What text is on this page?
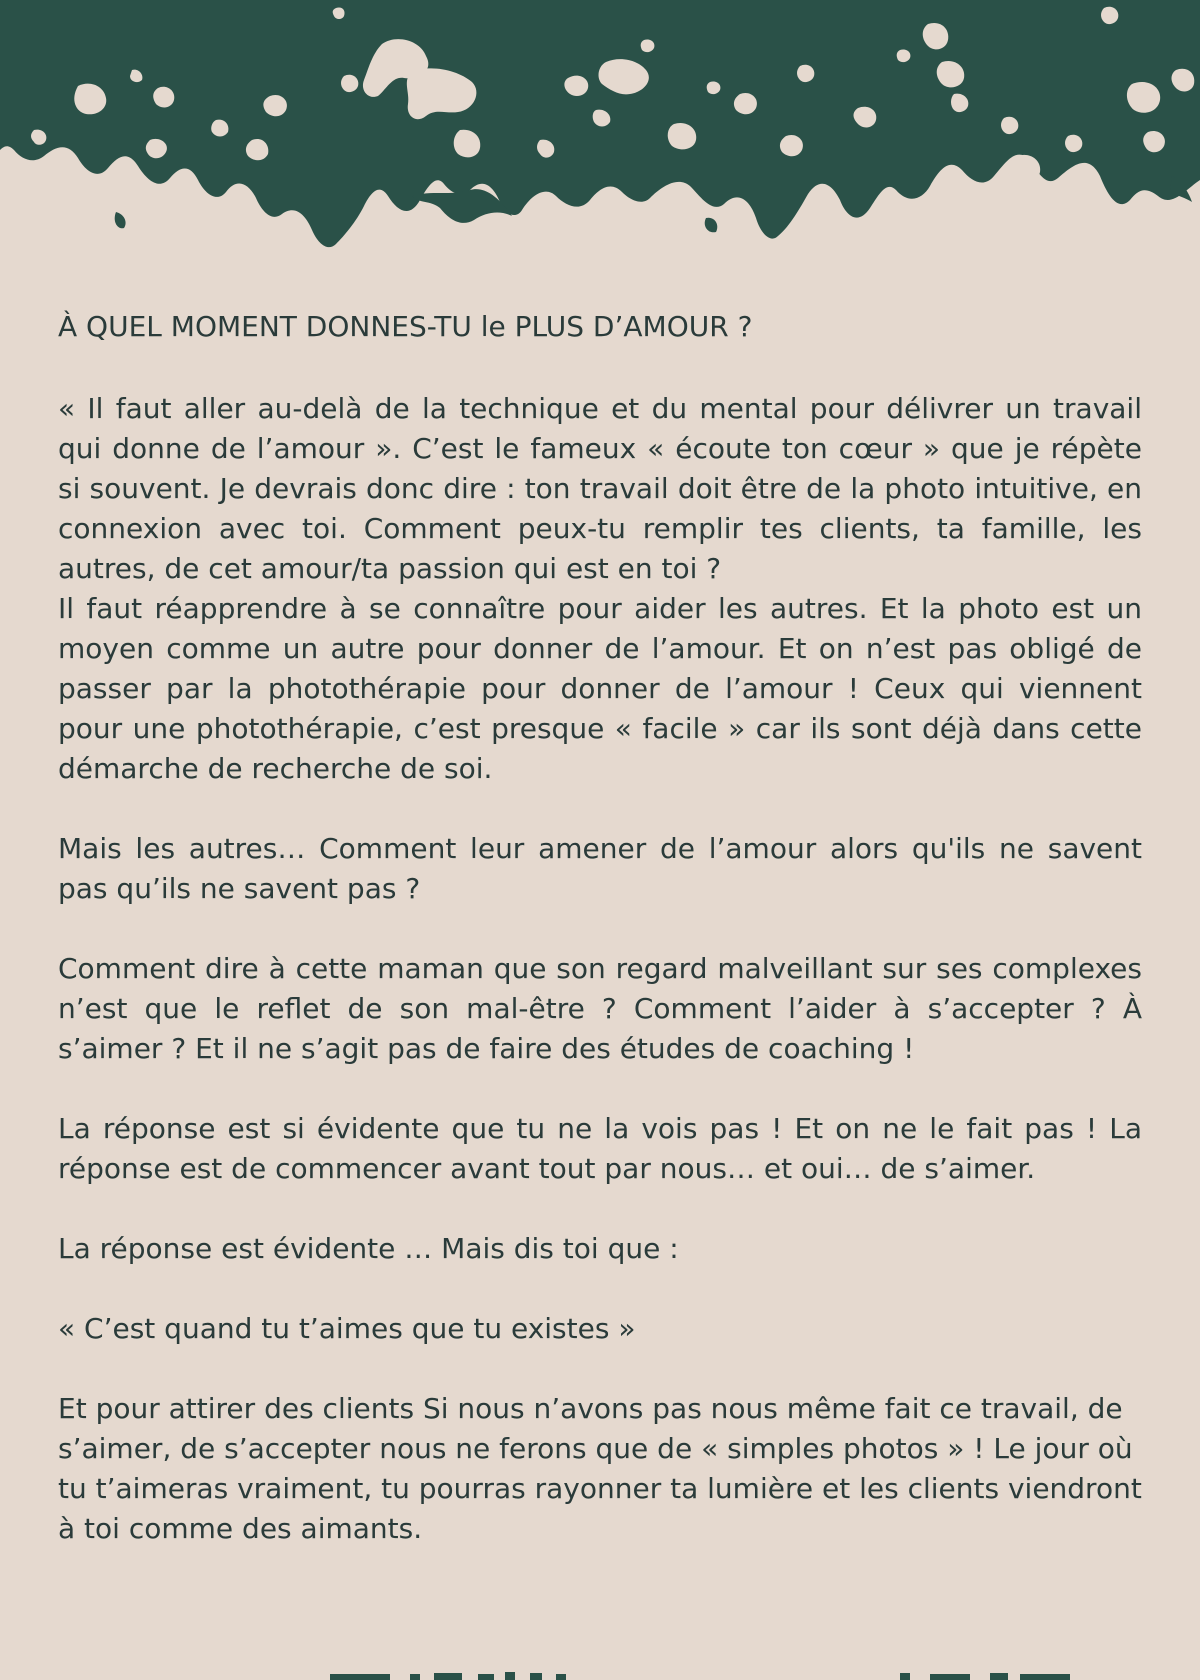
À QUEL MOMENT DONNES-TU le PLUS D’AMOUR ?
« Il faut aller au-delà de la technique et du mental pour délivrer un travail qui donne de l’amour ». C’est le fameux « écoute ton cœur » que je répète si souvent. Je devrais donc dire : ton travail doit être de la photo intuitive, en connexion avec toi. Comment peux-tu remplir tes clients, ta famille, les autres, de cet amour/ta passion qui est en toi ?
Il faut réapprendre à se connaître pour aider les autres. Et la photo est un moyen comme un autre pour donner de l’amour. Et on n’est pas obligé de passer par la photothérapie pour donner de l’amour ! Ceux qui viennent pour une photothérapie, c’est presque « facile » car ils sont déjà dans cette démarche de recherche de soi.
Mais les autres… Comment leur amener de l’amour alors qu'ils ne savent pas qu’ils ne savent pas ?
Comment dire à cette maman que son regard malveillant sur ses complexes n’est que le reflet de son mal-être ? Comment l’aider à s’accepter ? À s’aimer ? Et il ne s’agit pas de faire des études de coaching !
La réponse est si évidente que tu ne la vois pas ! Et on ne le fait pas ! La réponse est de commencer avant tout par nous… et oui… de s’aimer.
La réponse est évidente … Mais dis toi que :

« C’est quand tu t’aimes que tu existes »

Et pour attirer des clients Si nous n’avons pas nous même fait ce travail, de s’aimer, de s’accepter nous ne ferons que de « simples photos » ! Le jour où tu t’aimeras vraiment, tu pourras rayonner ta lumière et les clients viendront à toi comme des aimants.
